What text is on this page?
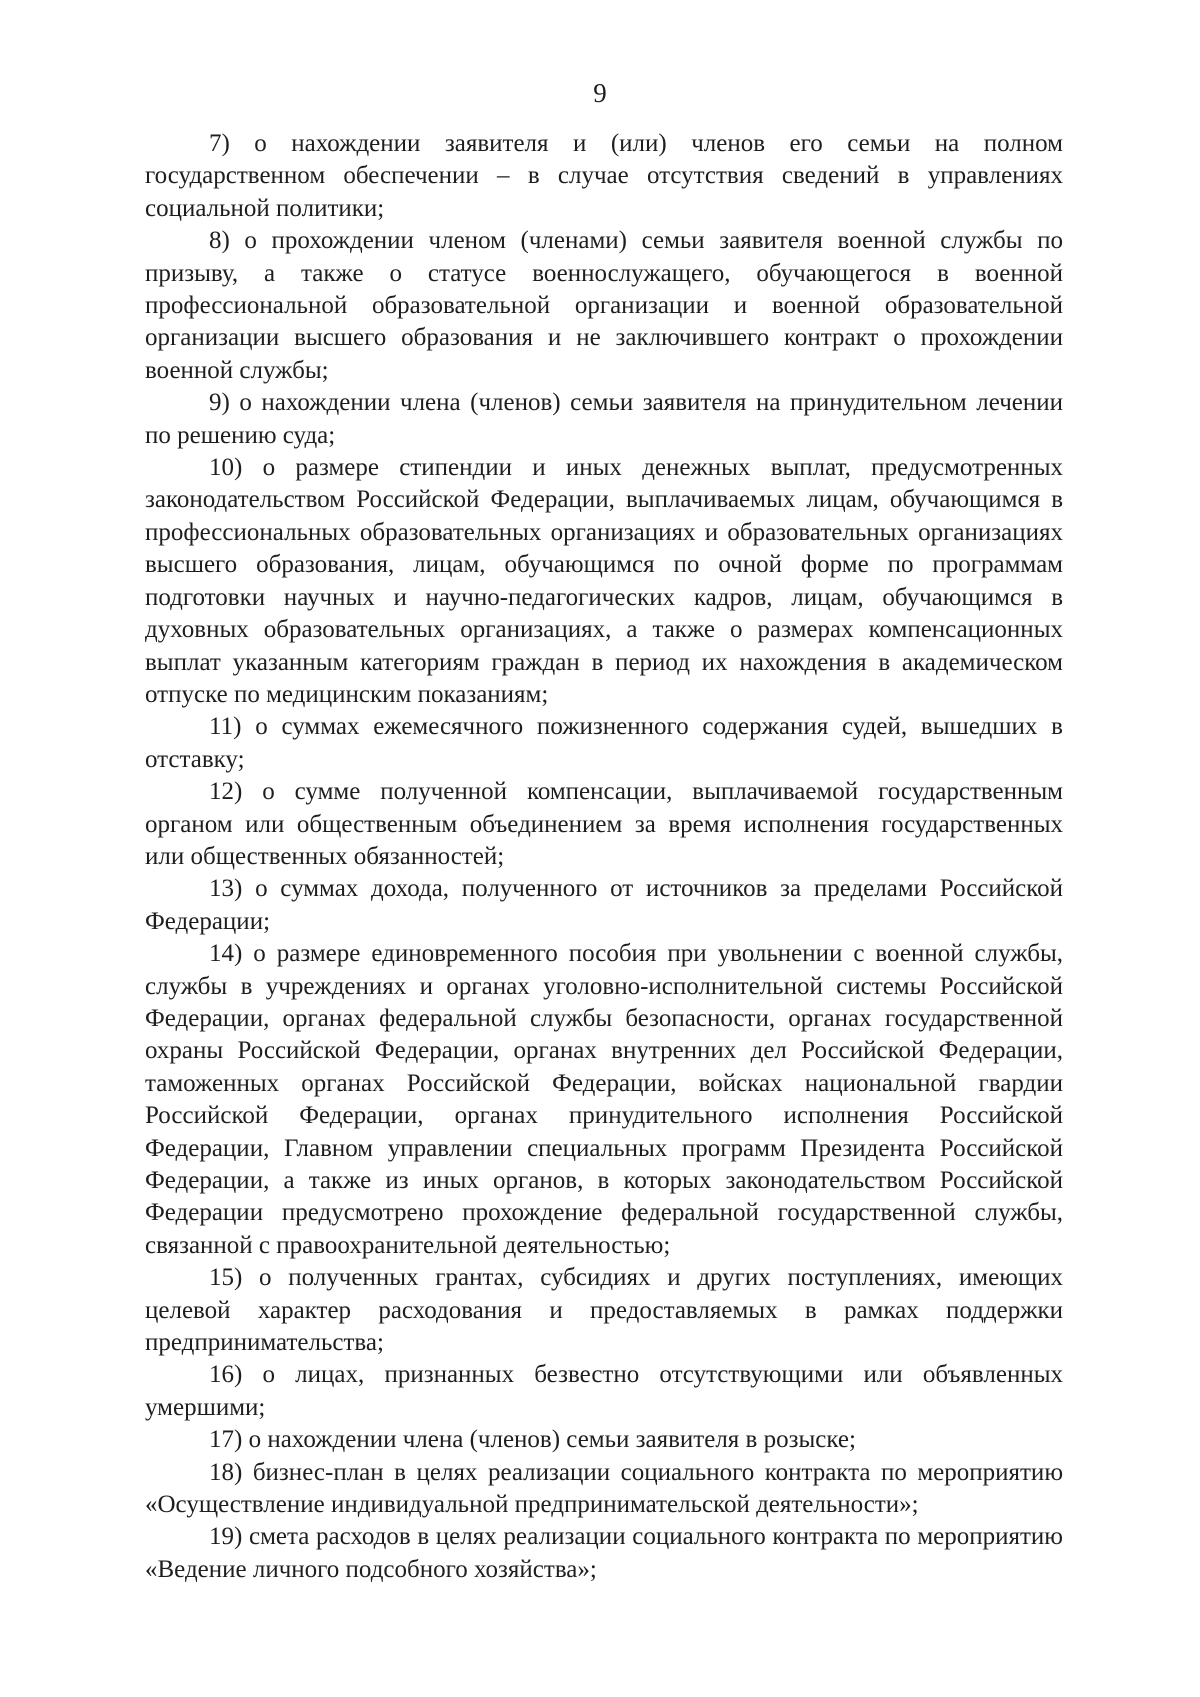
9

7) о нахождении заявителя и (или) членов его семьи на полном государственном обеспечении – в случае отсутствия сведений в управлениях социальной политики;

8) о прохождении членом (членами) семьи заявителя военной службы по призыву, а также о статусе военнослужащего, обучающегося в военной профессиональной образовательной организации и военной образовательной организации высшего образования и не заключившего контракт о прохождении военной службы;

9) о нахождении члена (членов) семьи заявителя на принудительном лечении по решению суда;

10) о размере стипендии и иных денежных выплат, предусмотренных законодательством Российской Федерации, выплачиваемых лицам, обучающимся в профессиональных образовательных организациях и образовательных организациях высшего образования, лицам, обучающимся по очной форме по программам подготовки научных и научно-педагогических кадров, лицам, обучающимся в духовных образовательных организациях, а также о размерах компенсационных выплат указанным категориям граждан в период их нахождения в академическом отпуске по медицинским показаниям;

11) о суммах ежемесячного пожизненного содержания судей, вышедших в отставку;

12) о сумме полученной компенсации, выплачиваемой государственным органом или общественным объединением за время исполнения государственных или общественных обязанностей;

13) о суммах дохода, полученного от источников за пределами Российской Федерации;

14) о размере единовременного пособия при увольнении с военной службы, службы в учреждениях и органах уголовно-исполнительной системы Российской Федерации, органах федеральной службы безопасности, органах государственной охраны Российской Федерации, органах внутренних дел Российской Федерации, таможенных органах Российской Федерации, войсках национальной гвардии Российской Федерации, органах принудительного исполнения Российской Федерации, Главном управлении специальных программ Президента Российской Федерации, а также из иных органов, в которых законодательством Российской Федерации предусмотрено прохождение федеральной государственной службы, связанной с правоохранительной деятельностью;

15) о полученных грантах, субсидиях и других поступлениях, имеющих целевой характер расходования и предоставляемых в рамках поддержки предпринимательства;

16) о лицах, признанных безвестно отсутствующими или объявленных умершими;

17) о нахождении члена (членов) семьи заявителя в розыске;

18) бизнес-план в целях реализации социального контракта по мероприятию «Осуществление индивидуальной предпринимательской деятельности»;

19) смета расходов в целях реализации социального контракта по мероприятию «Ведение личного подсобного хозяйства»;
